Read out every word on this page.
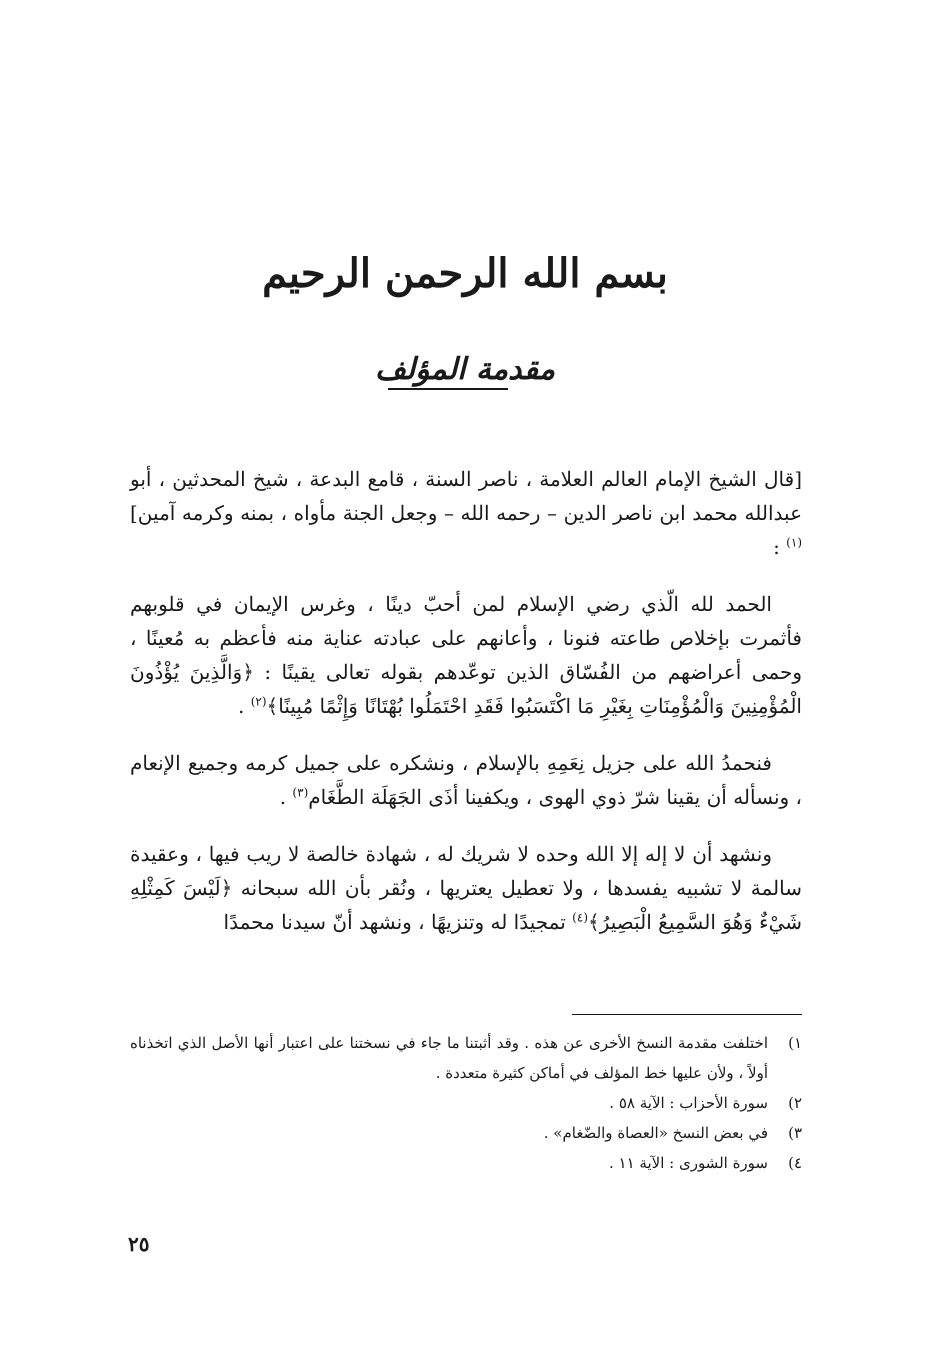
بسم الله الرحمن الرحيم
مقدمة المؤلف

[قال الشيخ الإمام العالم العلامة ، ناصر السنة ، قامع البدعة ، شيخ المحدثين ، أبو عبدالله محمد ابن ناصر الدين – رحمه الله – وجعل الجنة مأواه ، بمنه وكرمه آمين]$^{(١)}$ :

الحمد لله الّذي رضي الإسلام لمن أحبّ دينًا ، وغرس الإيمان في قلوبهم فأثمرت بإخلاص طاعته فنونا ، وأعانهم على عبادته عناية منه فأعظم به مُعينًا ، وحمى أعراضهم من الفُسّاق الذين توعّدهم بقوله تعالى يقينًا : ﴿وَالَّذِينَ يُؤْذُونَ الْمُؤْمِنِينَ وَالْمُؤْمِنَاتِ بِغَيْرِ مَا اكْتَسَبُوا فَقَدِ احْتَمَلُوا بُهْتَانًا وَإِثْمًا مُبِينًا﴾$^{(٢)}$ .

فنحمدُ الله على جزيل نِعَمِهِ بالإسلام ، ونشكره على جميل كرمه وجميع الإنعام ، ونسأله أن يقينا شرّ ذوي الهوى ، ويكفينا أذَى الجَهَلَة الطَّغَام$^{(٣)}$ .

ونشهد أن لا إله إلا الله وحده لا شريك له ، شهادة خالصة لا ريب فيها ، وعقيدة سالمة لا تشبيه يفسدها ، ولا تعطيل يعتريها ، ونُقر بأن الله سبحانه ﴿لَيْسَ كَمِثْلِهِ شَيْءٌ وَهُوَ السَّمِيعُ الْبَصِيرُ﴾$^{(٤)}$ تمجيدًا له وتنزيهًا ، ونشهد أنّ سيدنا محمدًا

١)
اختلفت مقدمة النسخ الأخرى عن هذه . وقد أثبتنا ما جاء في نسختنا على اعتبار أنها الأصل الذي اتخذناه أولاً ، ولأن عليها خط المؤلف في أماكن كثيرة متعددة .
٢)
سورة الأحزاب : الآية ٥٨ .
٣)
في بعض النسخ «العصاة والضّغام» .
٤)
سورة الشورى : الآية ١١ .
٢٥
